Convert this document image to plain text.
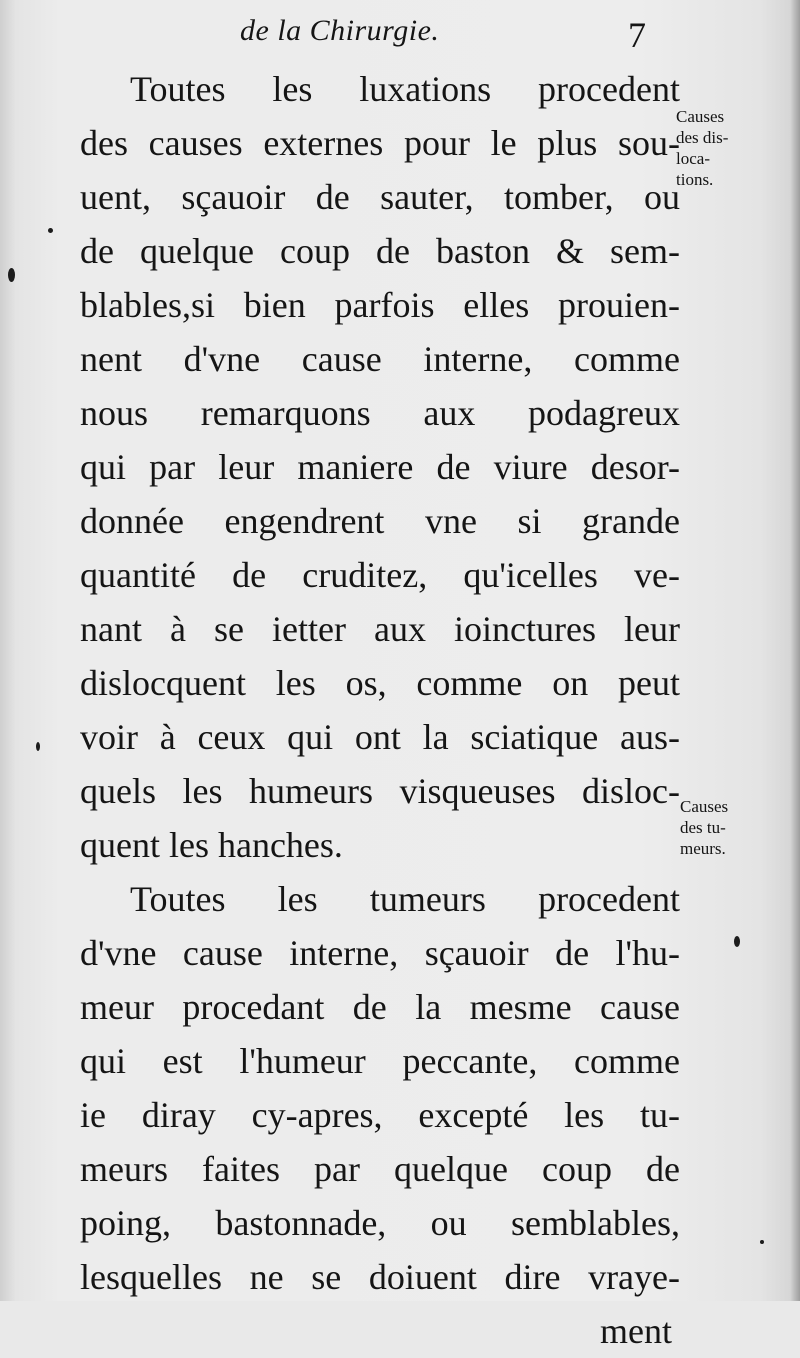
de la Chirurgie.	7
Toutes les luxations procedent
des causes externes pour le plus sou-
uent, sçauoir de sauter, tomber, ou
de quelque coup de baston & sem-
blables,si bien parfois elles prouien-
nent d'vne cause interne, comme
nous remarquons aux podagreux
qui par leur maniere de viure desor-
donnée engendrent vne si grande
quantité de cruditez, qu'icelles ve-
nant à se ietter aux ioinctures leur
dislocquent les os, comme on peut
voir à ceux qui ont la sciatique aus-
quels les humeurs visqueuses disloc-
quent les hanches.
Toutes les tumeurs procedent
d'vne cause interne, sçauoir de l'hu-
meur procedant de la mesme cause
qui est l'humeur peccante, comme
ie diray cy-apres, excepté les tu-
meurs faites par quelque coup de
poing, bastonnade, ou semblables,
lesquelles ne se doiuent dire vraye-
ment
Causes
des dis-
loca-
tions.
Causes
des tu-
meurs.
